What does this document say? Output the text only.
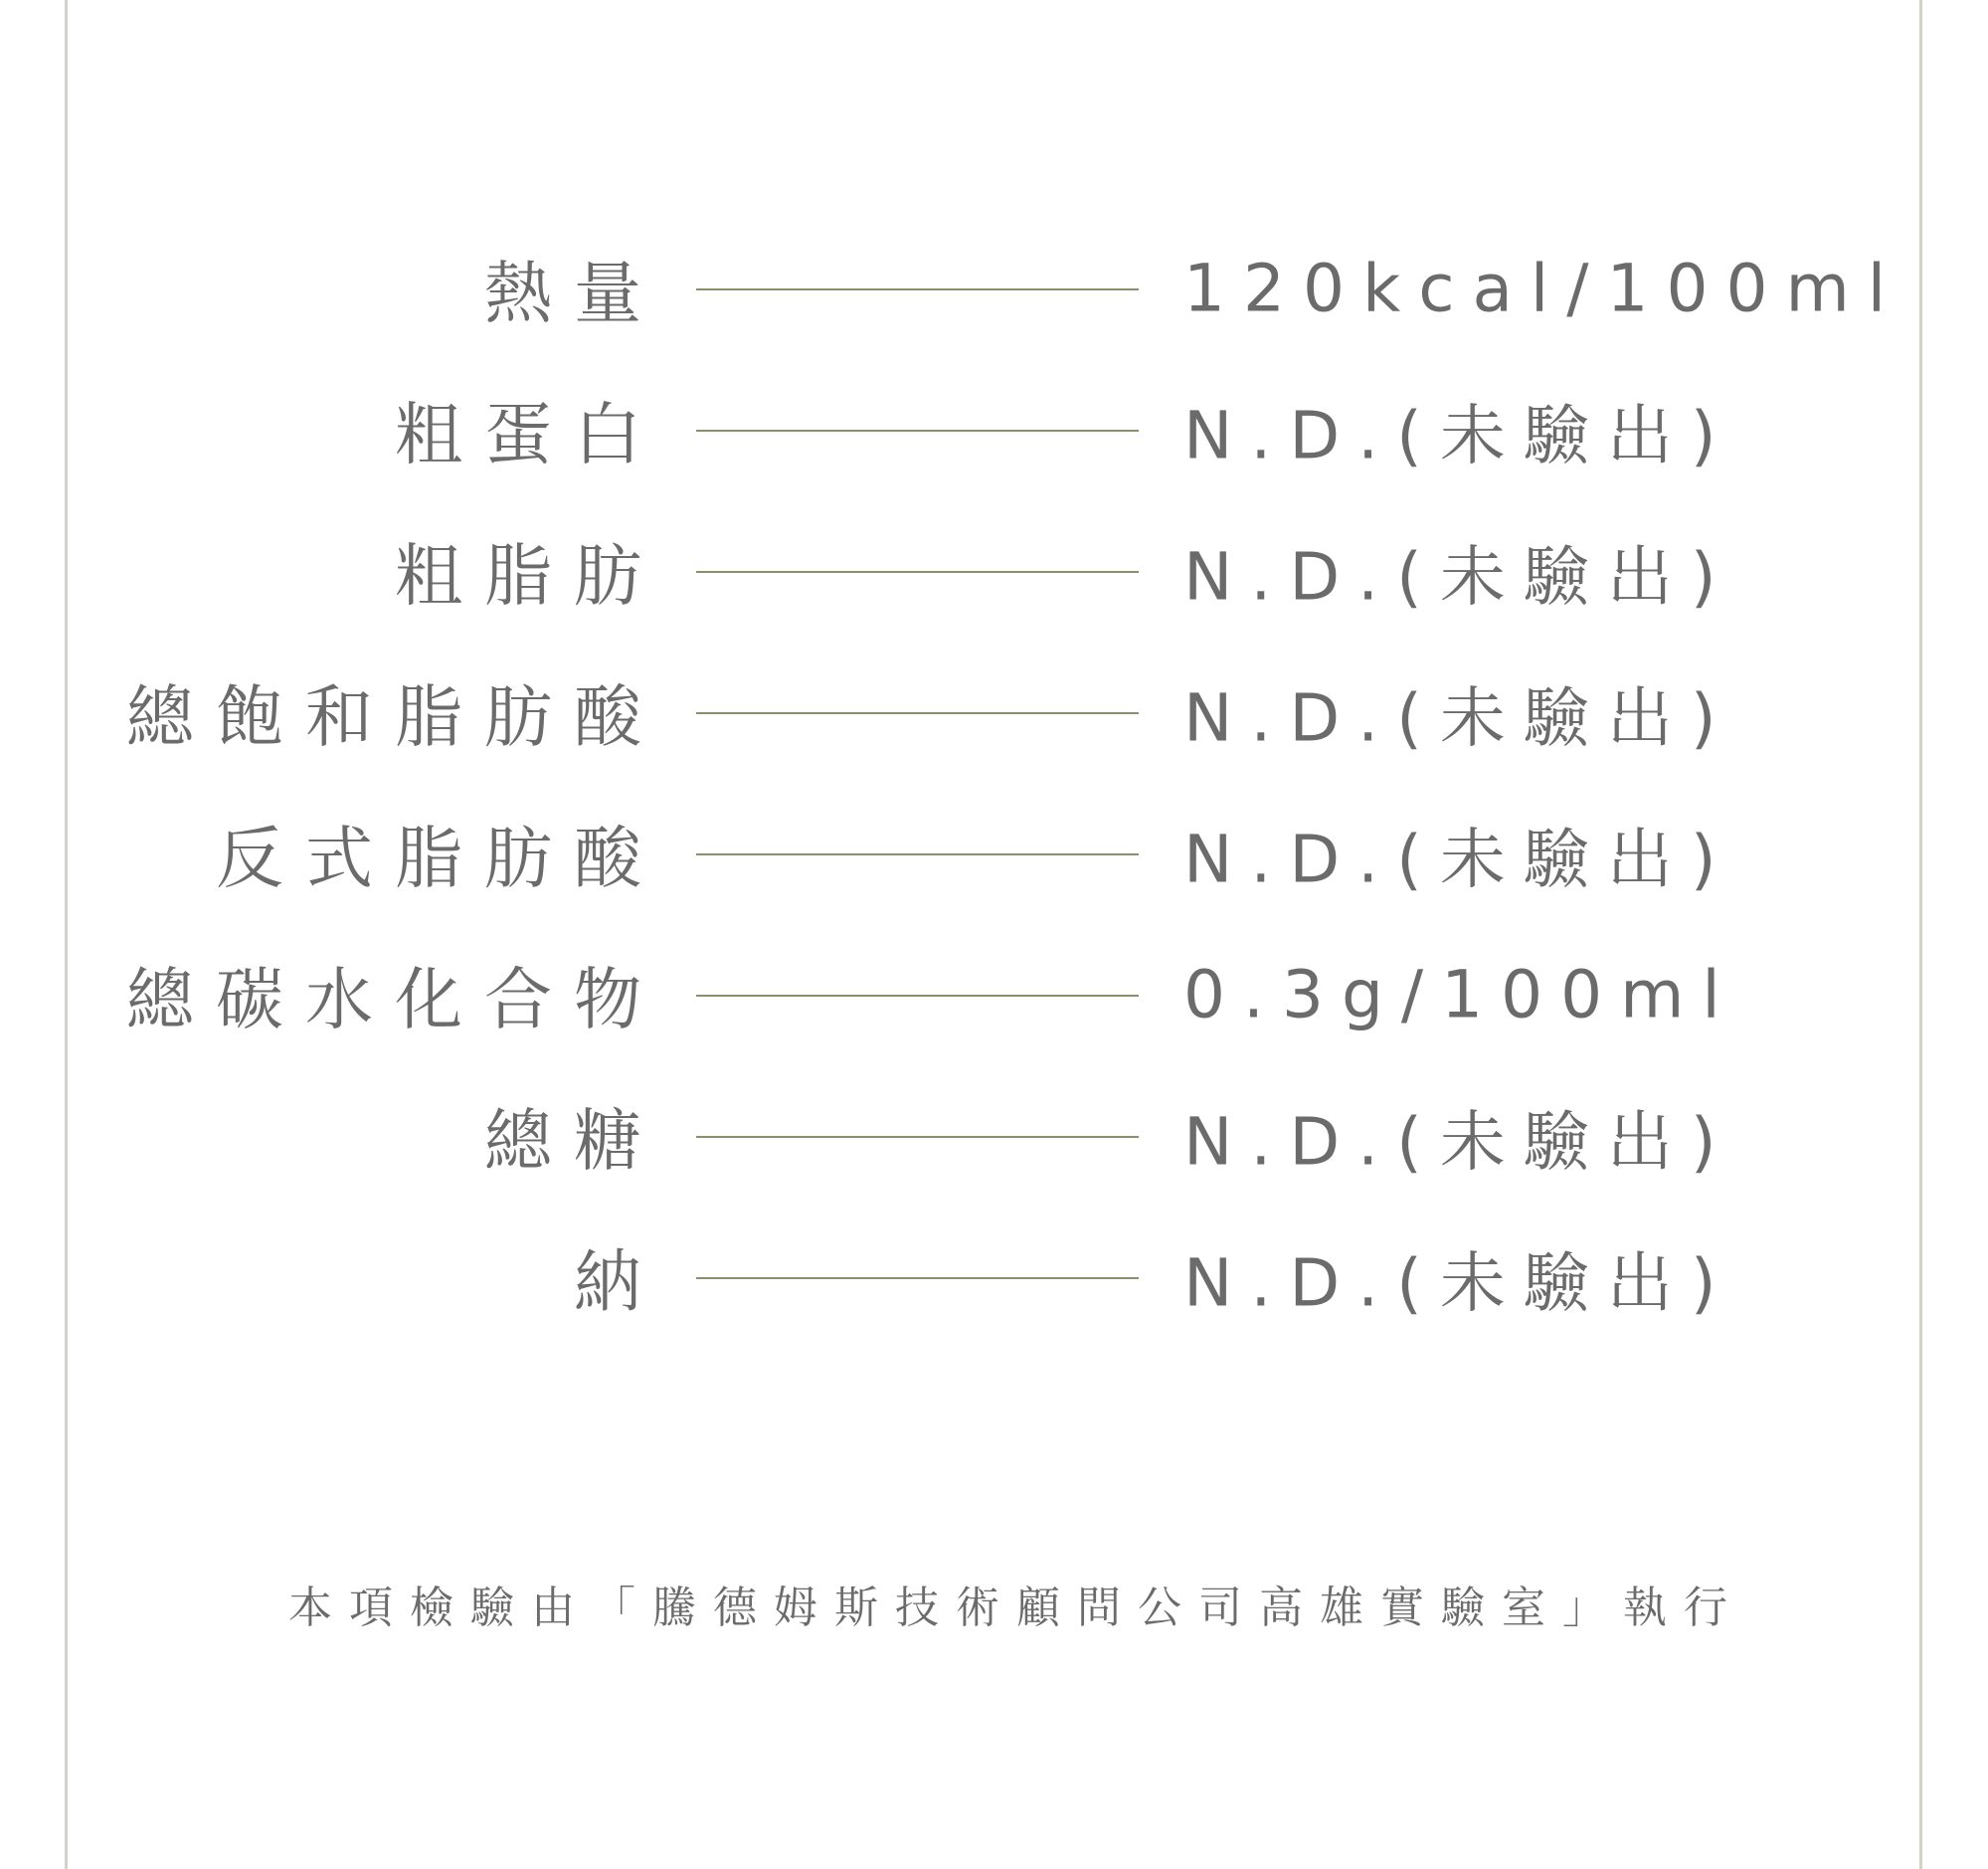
熱量	120kcal/100ml
粗蛋白	N.D.(未驗出)
粗脂肪	N.D.(未驗出)
總飽和脂肪酸	N.D.(未驗出)
反式脂肪酸	N.D.(未驗出)
總碳水化合物	0.3g/100ml
總糖	N.D.(未驗出)
納	N.D.(未驗出)
本項檢驗由「騰德姆斯技術顧問公司高雄實驗室」執行
